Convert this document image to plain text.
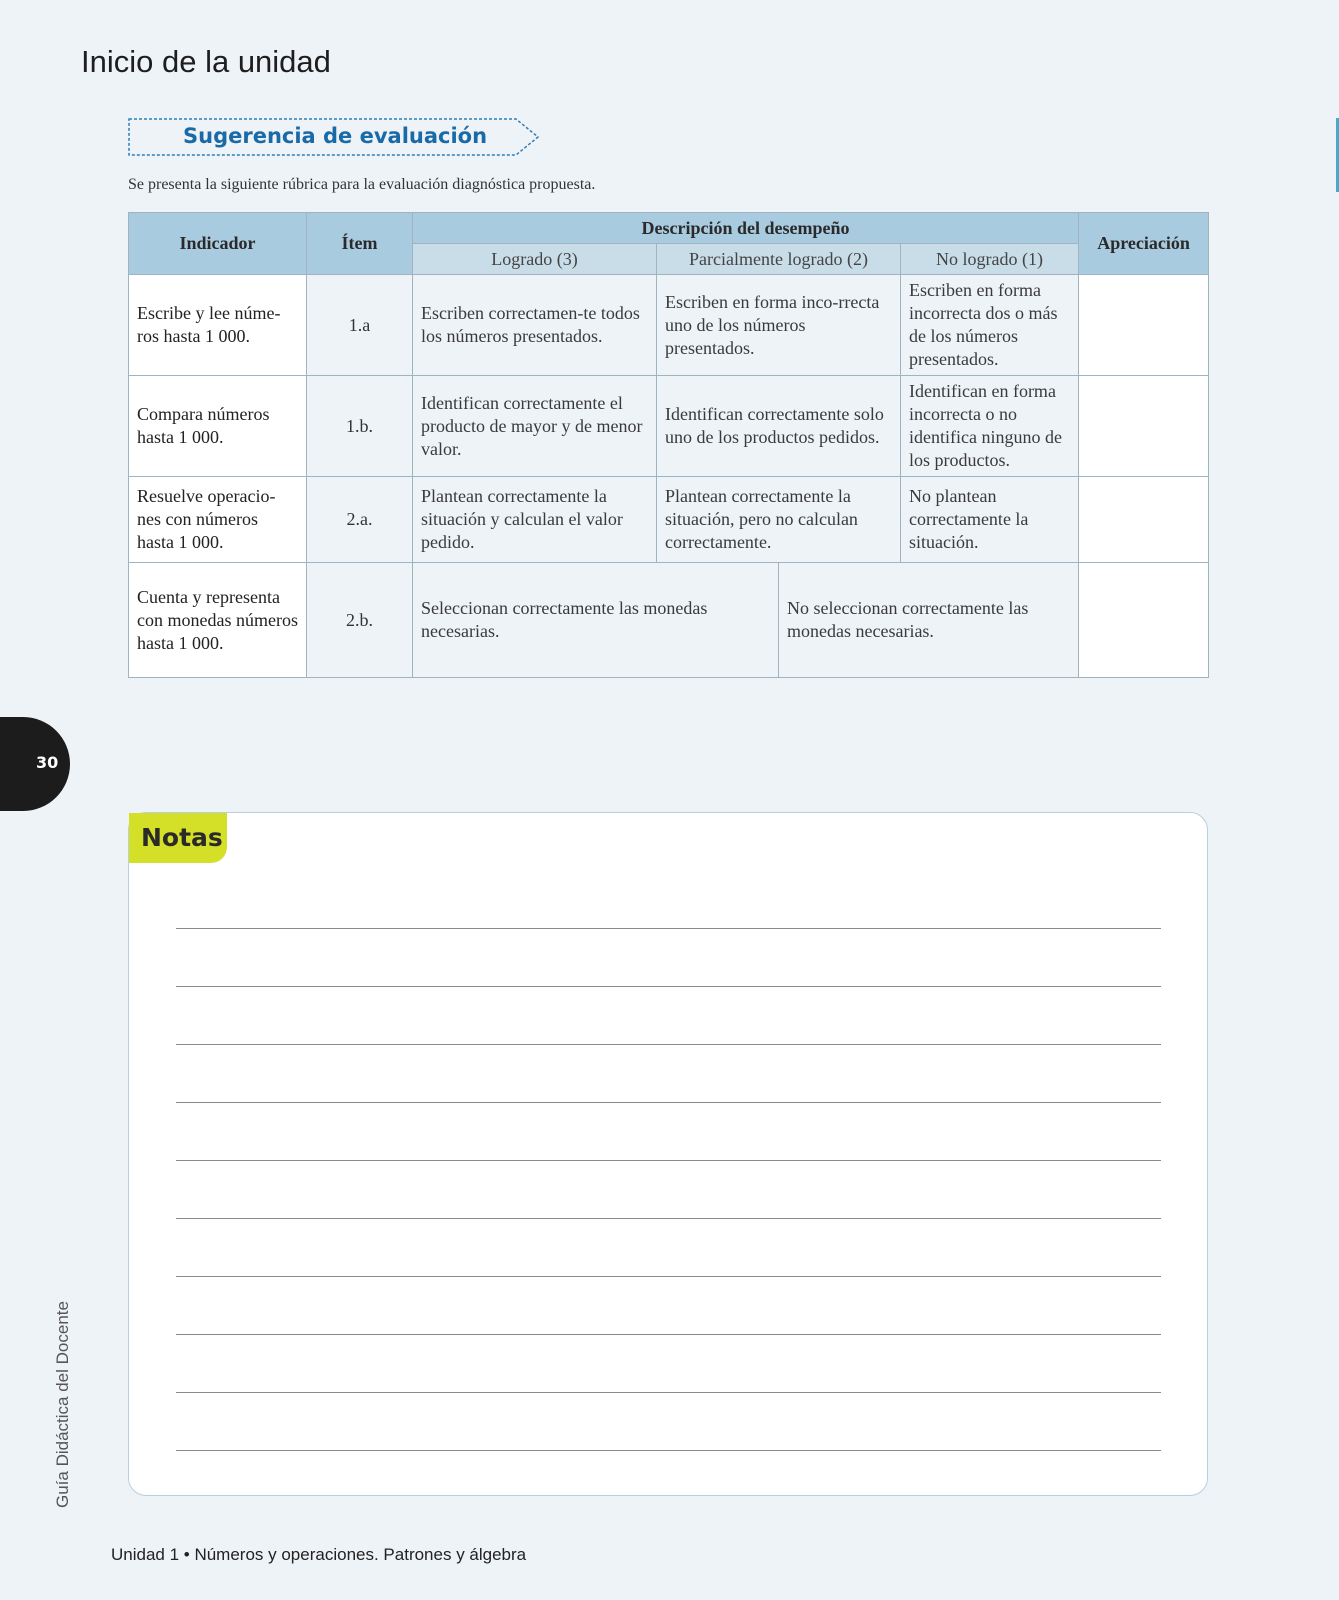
Inicio de la unidad
Sugerencia de evaluación
Se presenta la siguiente rúbrica para la evaluación diagnóstica propuesta.
Indicador	Ítem	Descripción del desempeño				Apreciación
		Logrado (3)	Parcialmente logrado (2)		No logrado (1)	
Escribe y lee núme-ros hasta 1 000.	1.a	Escriben correctamen-te todos los números presentados.	Escriben en forma inco-rrecta uno de los números presentados.		Escriben en forma incorrecta dos o más de los números presentados.	
Compara números hasta 1 000.	1.b.	Identifican correctamente el producto de mayor y de menor valor.	Identifican correctamente solo uno de los productos pedidos.		Identifican en forma incorrecta o no identifica ninguno de los productos.	
Resuelve operacio-nes con números hasta 1 000.	2.a.	Plantean correctamente la situación y calculan el valor pedido.	Plantean correctamente la situación, pero no calculan correctamente.		No plantean correctamente la situación.	
Cuenta y representa con monedas números hasta 1 000.	2.b.	Seleccionan correctamente las monedas necesarias.		No seleccionan correctamente las monedas necesarias.		
30
Notas
Guía Didáctica del Docente
Unidad 1 • Números y operaciones. Patrones y álgebra
